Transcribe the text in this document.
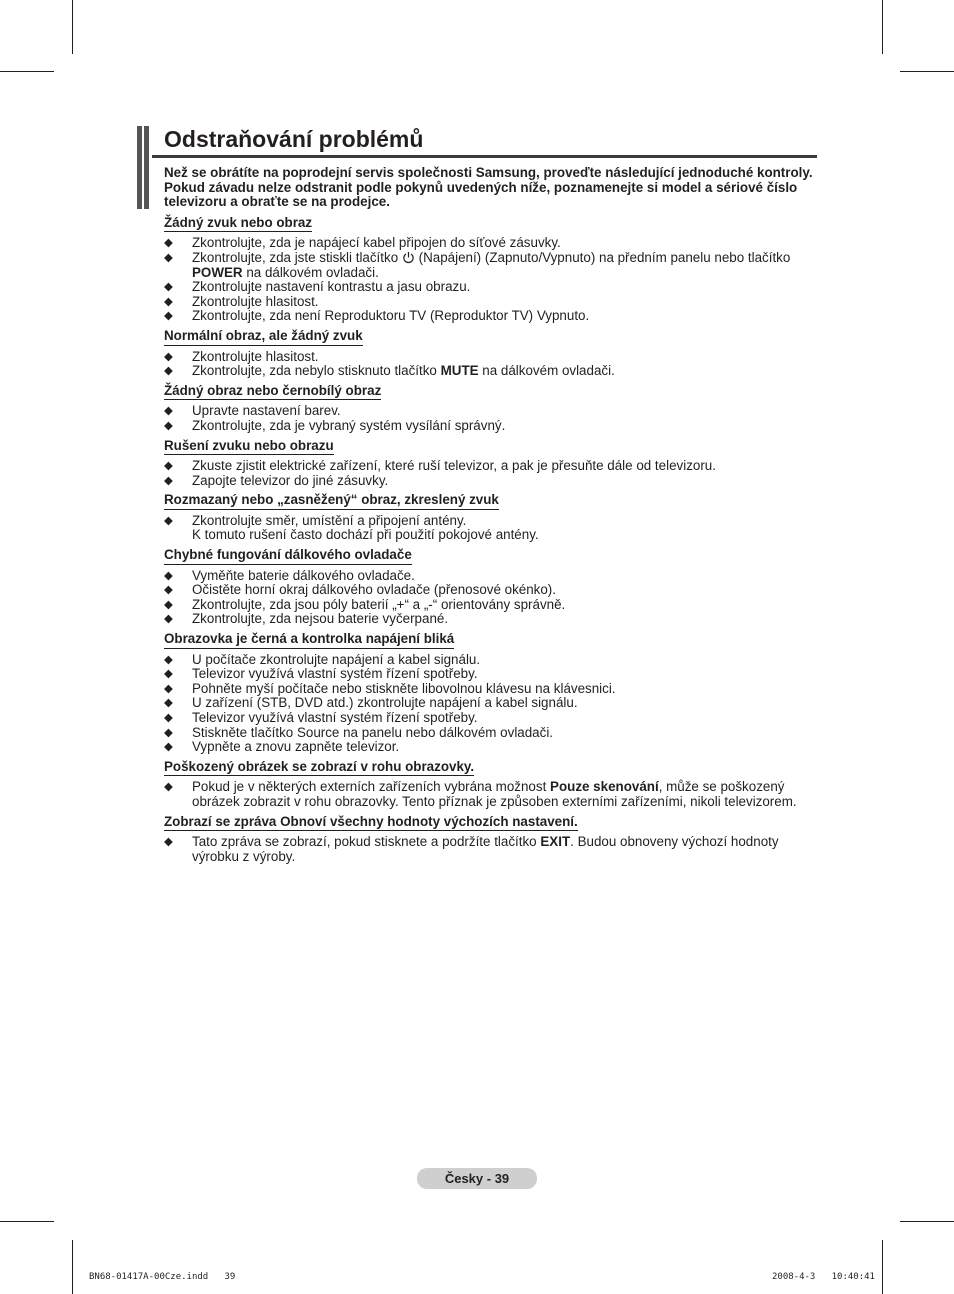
Odstraňování problémů

Než se obrátíte na poprodejní servis společnosti Samsung, proveďte následující jednoduché kontroly.
Pokud závadu nelze odstranit podle pokynů uvedených níže, poznamenejte si model a sériové číslo televizoru a obraťte se na prodejce.

Žádný zvuk nebo obraz
◆ Zkontrolujte, zda je napájecí kabel připojen do síťové zásuvky.
◆ Zkontrolujte, zda jste stiskli tlačítko (Napájení) (Zapnuto/Vypnuto) na předním panelu nebo tlačítko POWER na dálkovém ovladači.
◆ Zkontrolujte nastavení kontrastu a jasu obrazu.
◆ Zkontrolujte hlasitost.
◆ Zkontrolujte, zda není Reproduktoru TV (Reproduktor TV) Vypnuto.
Normální obraz, ale žádný zvuk
◆ Zkontrolujte hlasitost.
◆ Zkontrolujte, zda nebylo stisknuto tlačítko MUTE na dálkovém ovladači.
Žádný obraz nebo černobílý obraz
◆ Upravte nastavení barev.
◆ Zkontrolujte, zda je vybraný systém vysílání správný.
Rušení zvuku nebo obrazu
◆ Zkuste zjistit elektrické zařízení, které ruší televizor, a pak je přesuňte dále od televizoru.
◆ Zapojte televizor do jiné zásuvky.
Rozmazaný nebo „zasněžený“ obraz, zkreslený zvuk
◆ Zkontrolujte směr, umístění a připojení antény.
K tomuto rušení často dochází při použití pokojové antény.
Chybné fungování dálkového ovladače
◆ Vyměňte baterie dálkového ovladače.
◆ Očistěte horní okraj dálkového ovladače (přenosové okénko).
◆ Zkontrolujte, zda jsou póly baterií „+“ a „-“ orientovány správně.
◆ Zkontrolujte, zda nejsou baterie vyčerpané.
Obrazovka je černá a kontrolka napájení bliká
◆ U počítače zkontrolujte napájení a kabel signálu.
◆ Televizor využívá vlastní systém řízení spotřeby.
◆ Pohněte myší počítače nebo stiskněte libovolnou klávesu na klávesnici.
◆ U zařízení (STB, DVD atd.) zkontrolujte napájení a kabel signálu.
◆ Televizor využívá vlastní systém řízení spotřeby.
◆ Stiskněte tlačítko Source na panelu nebo dálkovém ovladači.
◆ Vypněte a znovu zapněte televizor.
Poškozený obrázek se zobrazí v rohu obrazovky.
◆ Pokud je v některých externích zařízeních vybrána možnost Pouze skenování, může se poškozený obrázek zobrazit v rohu obrazovky. Tento příznak je způsoben externími zařízeními, nikoli televizorem.
Zobrazí se zpráva Obnoví všechny hodnoty výchozích nastavení.
◆ Tato zpráva se zobrazí, pokud stisknete a podržíte tlačítko EXIT. Budou obnoveny výchozí hodnoty výrobku z výroby.
Česky - 39
BN68-01417A-00Cze.indd   39	2008-4-3   10:40:41
